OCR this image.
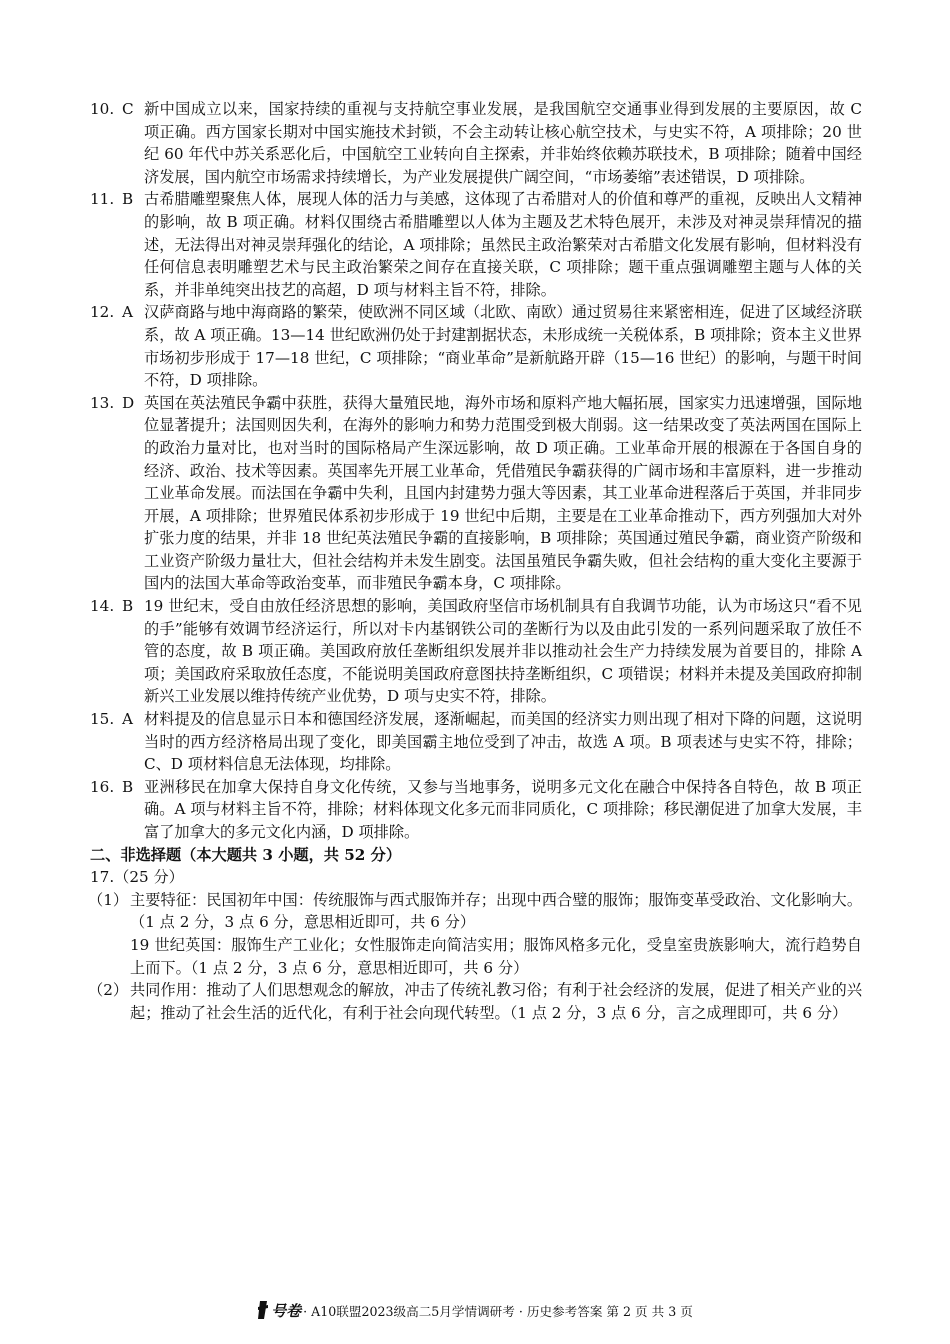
10. C 新中国成立以来，国家持续的重视与支持航空事业发展，是我国航空交通事业得到发展的主要原因，故 C 项正确。西方国家长期对中国实施技术封锁，不会主动转让核心航空技术，与史实不符，A 项排除；20 世纪 60 年代中苏关系恶化后，中国航空工业转向自主探索，并非始终依赖苏联技术，B 项排除；随着中国经济发展，国内航空市场需求持续增长，为产业发展提供广阔空间，“市场萎缩”表述错误，D 项排除。

11. B 古希腊雕塑聚焦人体，展现人体的活力与美感，这体现了古希腊对人的价值和尊严的重视，反映出人文精神的影响，故 B 项正确。材料仅围绕古希腊雕塑以人体为主题及艺术特色展开，未涉及对神灵崇拜情况的描述，无法得出对神灵崇拜强化的结论，A 项排除；虽然民主政治繁荣对古希腊文化发展有影响，但材料没有任何信息表明雕塑艺术与民主政治繁荣之间存在直接关联，C 项排除；题干重点强调雕塑主题与人体的关系，并非单纯突出技艺的高超，D 项与材料主旨不符，排除。

12. A 汉萨商路与地中海商路的繁荣，使欧洲不同区域（北欧、南欧）通过贸易往来紧密相连，促进了区域经济联系，故 A 项正确。13—14 世纪欧洲仍处于封建割据状态，未形成统一关税体系，B 项排除；资本主义世界市场初步形成于 17—18 世纪，C 项排除；“商业革命”是新航路开辟（15—16 世纪）的影响，与题干时间不符，D 项排除。

13. D 英国在英法殖民争霸中获胜，获得大量殖民地，海外市场和原料产地大幅拓展，国家实力迅速增强，国际地位显著提升；法国则因失利，在海外的影响力和势力范围受到极大削弱。这一结果改变了英法两国在国际上的政治力量对比，也对当时的国际格局产生深远影响，故 D 项正确。工业革命开展的根源在于各国自身的经济、政治、技术等因素。英国率先开展工业革命，凭借殖民争霸获得的广阔市场和丰富原料，进一步推动工业革命发展。而法国在争霸中失利，且国内封建势力强大等因素，其工业革命进程落后于英国，并非同步开展，A 项排除；世界殖民体系初步形成于 19 世纪中后期，主要是在工业革命推动下，西方列强加大对外扩张力度的结果，并非 18 世纪英法殖民争霸的直接影响，B 项排除；英国通过殖民争霸，商业资产阶级和工业资产阶级力量壮大，但社会结构并未发生剧变。法国虽殖民争霸失败，但社会结构的重大变化主要源于国内的法国大革命等政治变革，而非殖民争霸本身，C 项排除。

14. B 19 世纪末，受自由放任经济思想的影响，美国政府坚信市场机制具有自我调节功能，认为市场这只“看不见的手”能够有效调节经济运行，所以对卡内基钢铁公司的垄断行为以及由此引发的一系列问题采取了放任不管的态度，故 B 项正确。美国政府放任垄断组织发展并非以推动社会生产力持续发展为首要目的，排除 A 项；美国政府采取放任态度，不能说明美国政府意图扶持垄断组织，C 项错误；材料并未提及美国政府抑制新兴工业发展以维持传统产业优势，D 项与史实不符，排除。

15. A 材料提及的信息显示日本和德国经济发展，逐渐崛起，而美国的经济实力则出现了相对下降的问题，这说明当时的西方经济格局出现了变化，即美国霸主地位受到了冲击，故选 A 项。B 项表述与史实不符，排除；C、D 项材料信息无法体现，均排除。

16. B 亚洲移民在加拿大保持自身文化传统，又参与当地事务，说明多元文化在融合中保持各自特色，故 B 项正确。A 项与材料主旨不符，排除；材料体现文化多元而非同质化，C 项排除；移民潮促进了加拿大发展，丰富了加拿大的多元文化内涵，D 项排除。

二、非选择题（本大题共 3 小题，共 52 分）

17.（25 分）

（1） 主要特征：民国初年中国：传统服饰与西式服饰并存；出现中西合璧的服饰；服饰变革受政治、文化影响大。（1 点 2 分，3 点 6 分，意思相近即可，共 6 分）

19 世纪英国：服饰生产工业化；女性服饰走向简洁实用；服饰风格多元化，受皇室贵族影响大，流行趋势自上而下。（1 点 2 分，3 点 6 分，意思相近即可，共 6 分）

（2） 共同作用：推动了人们思想观念的解放，冲击了传统礼教习俗；有利于社会经济的发展，促进了相关产业的兴起；推动了社会生活的近代化，有利于社会向现代转型。（1 点 2 分，3 点 6 分，言之成理即可，共 6 分）

号卷 · A10联盟2023级高二5月学情调研考 · 历史参考答案 第 2 页 共 3 页
